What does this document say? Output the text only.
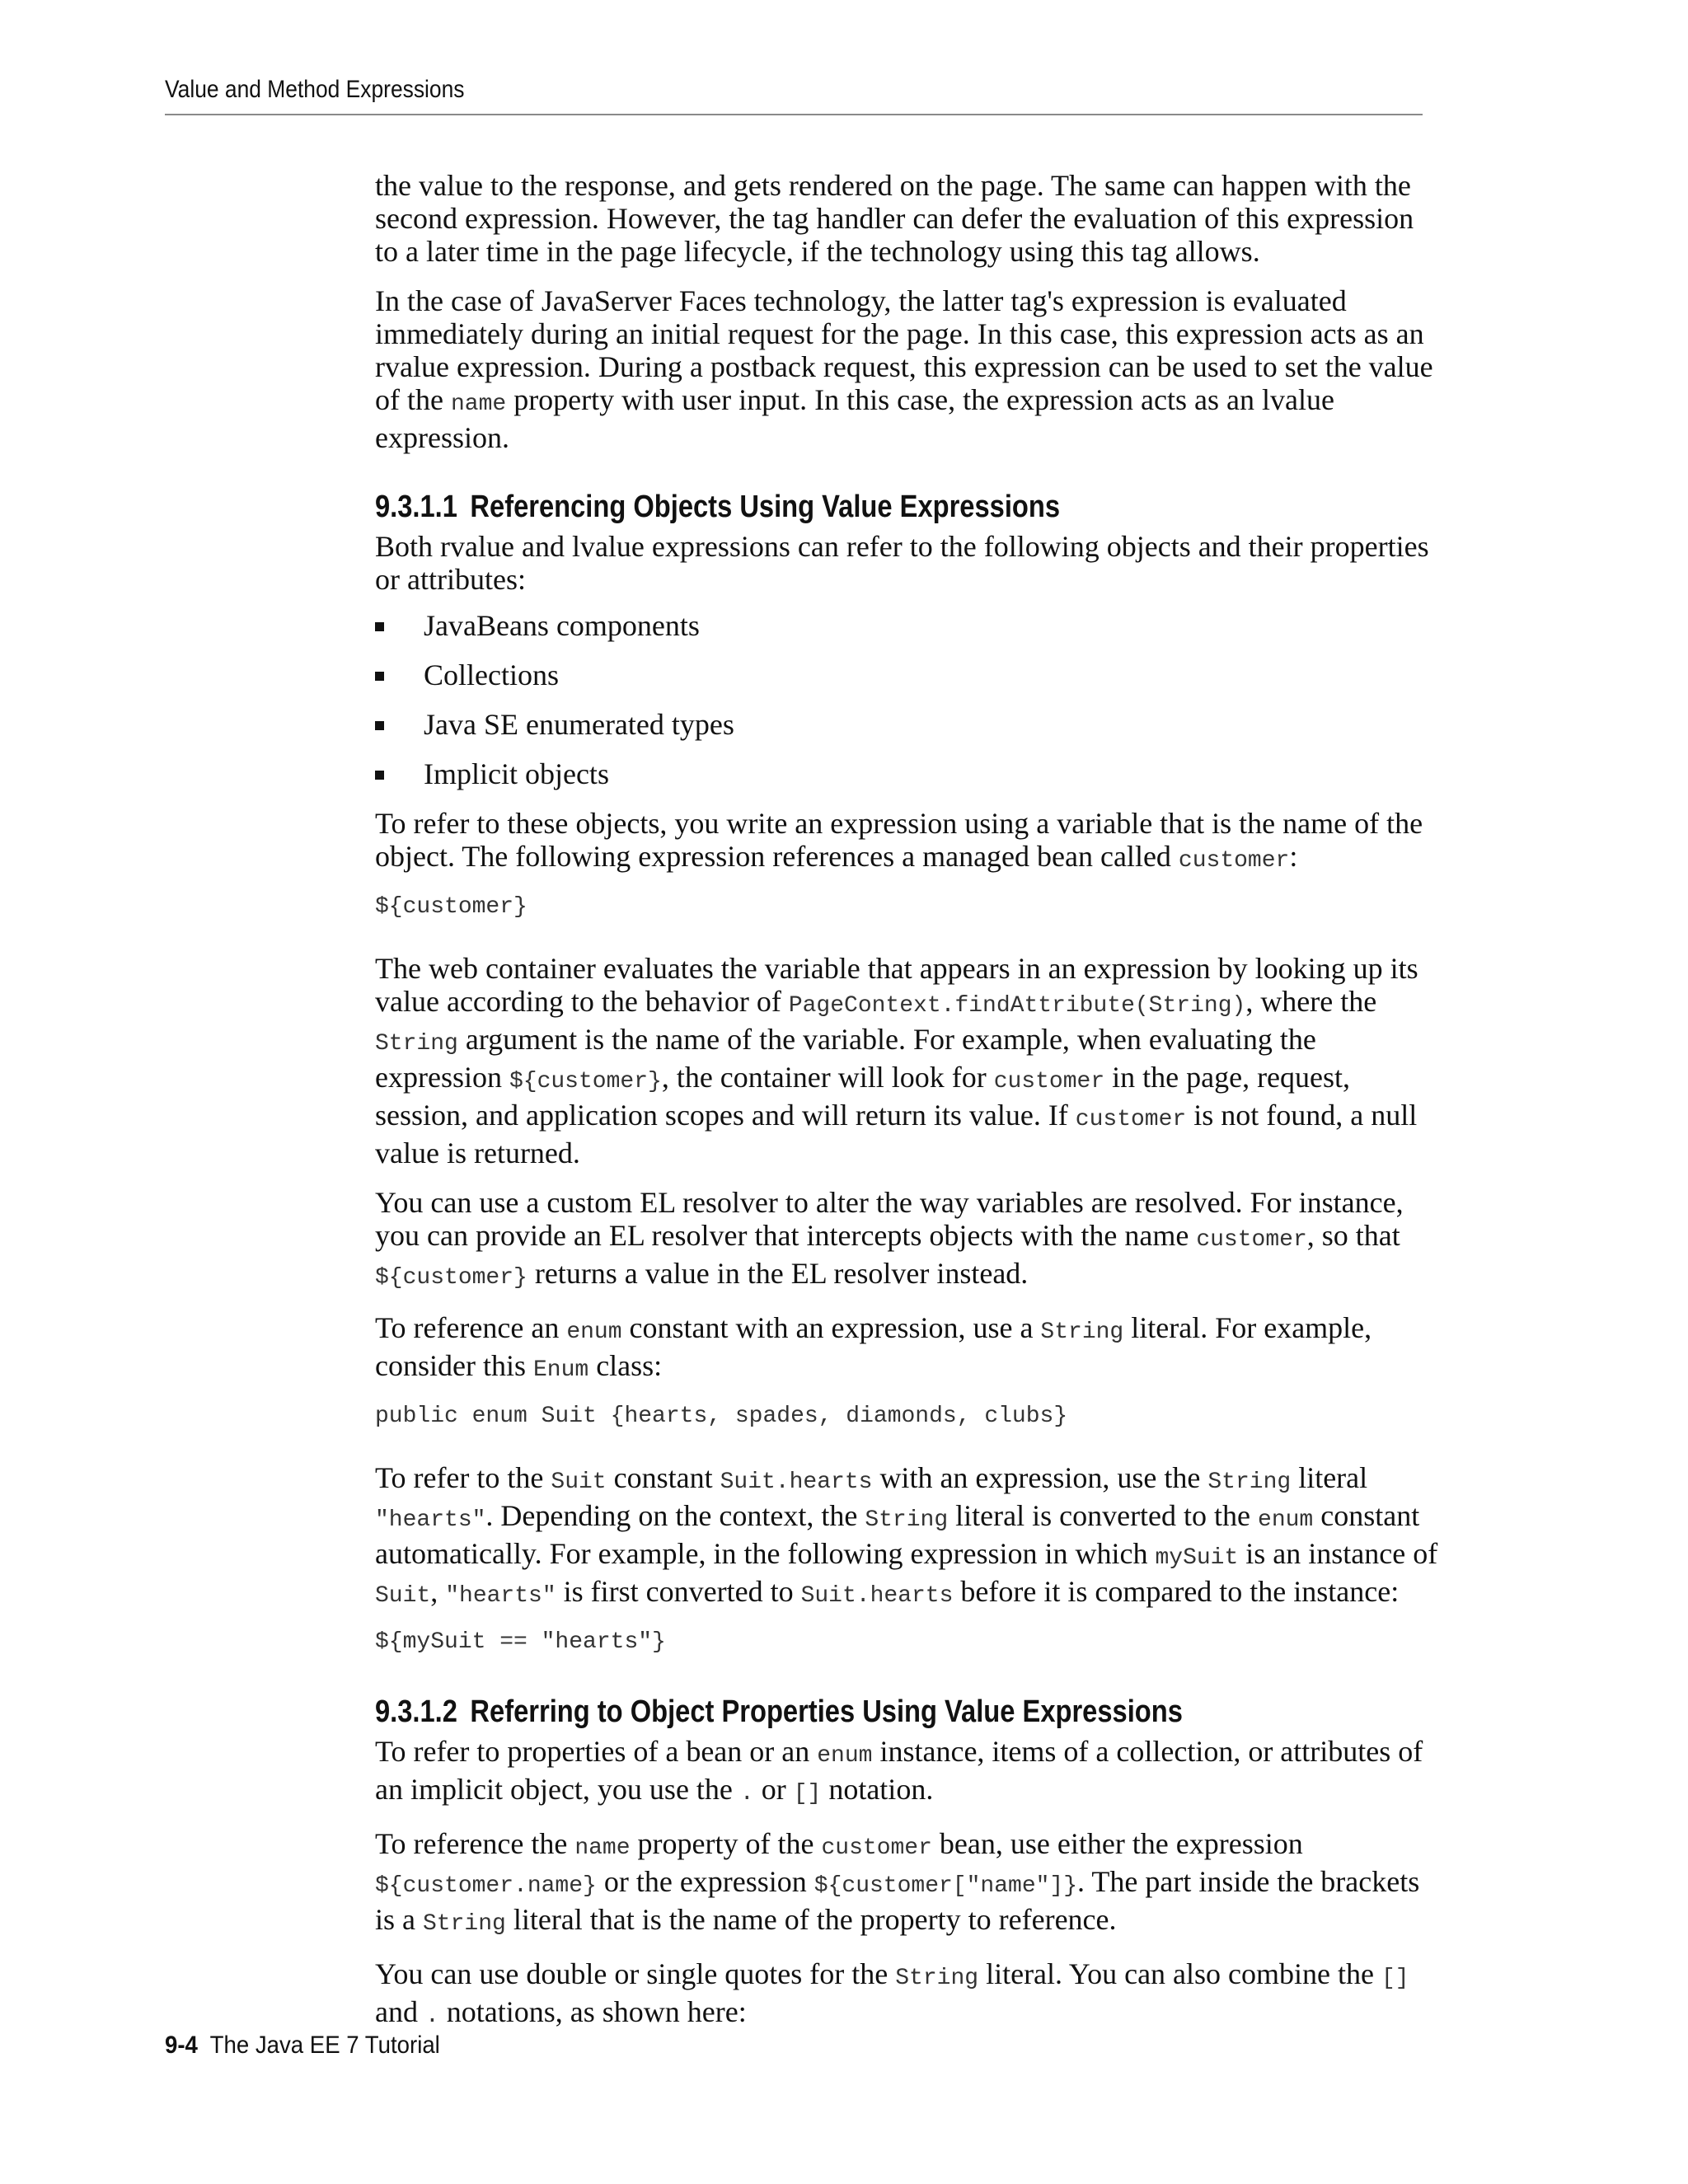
Value and Method Expressions

the value to the response, and gets rendered on the page. The same can happen with the second expression. However, the tag handler can defer the evaluation of this expression to a later time in the page lifecycle, if the technology using this tag allows.

In the case of JavaServer Faces technology, the latter tag's expression is evaluated immediately during an initial request for the page. In this case, this expression acts as an rvalue expression. During a postback request, this expression can be used to set the value of the name property with user input. In this case, the expression acts as an lvalue expression.

9.3.1.1 Referencing Objects Using Value Expressions

Both rvalue and lvalue expressions can refer to the following objects and their properties or attributes:

JavaBeans components
Collections
Java SE enumerated types
Implicit objects

To refer to these objects, you write an expression using a variable that is the name of the object. The following expression references a managed bean called customer:

${customer}

The web container evaluates the variable that appears in an expression by looking up its value according to the behavior of PageContext.findAttribute(String), where the String argument is the name of the variable. For example, when evaluating the expression ${customer}, the container will look for customer in the page, request, session, and application scopes and will return its value. If customer is not found, a null value is returned.

You can use a custom EL resolver to alter the way variables are resolved. For instance, you can provide an EL resolver that intercepts objects with the name customer, so that ${customer} returns a value in the EL resolver instead.

To reference an enum constant with an expression, use a String literal. For example, consider this Enum class:

public enum Suit {hearts, spades, diamonds, clubs}

To refer to the Suit constant Suit.hearts with an expression, use the String literal "hearts". Depending on the context, the String literal is converted to the enum constant automatically. For example, in the following expression in which mySuit is an instance of Suit, "hearts" is first converted to Suit.hearts before it is compared to the instance:

${mySuit == "hearts"}
9.3.1.2 Referring to Object Properties Using Value Expressions

To refer to properties of a bean or an enum instance, items of a collection, or attributes of an implicit object, you use the . or [] notation.

To reference the name property of the customer bean, use either the expression ${customer.name} or the expression ${customer["name"]}. The part inside the brackets is a String literal that is the name of the property to reference.

You can use double or single quotes for the String literal. You can also combine the [] and . notations, as shown here:

9-4 The Java EE 7 Tutorial
